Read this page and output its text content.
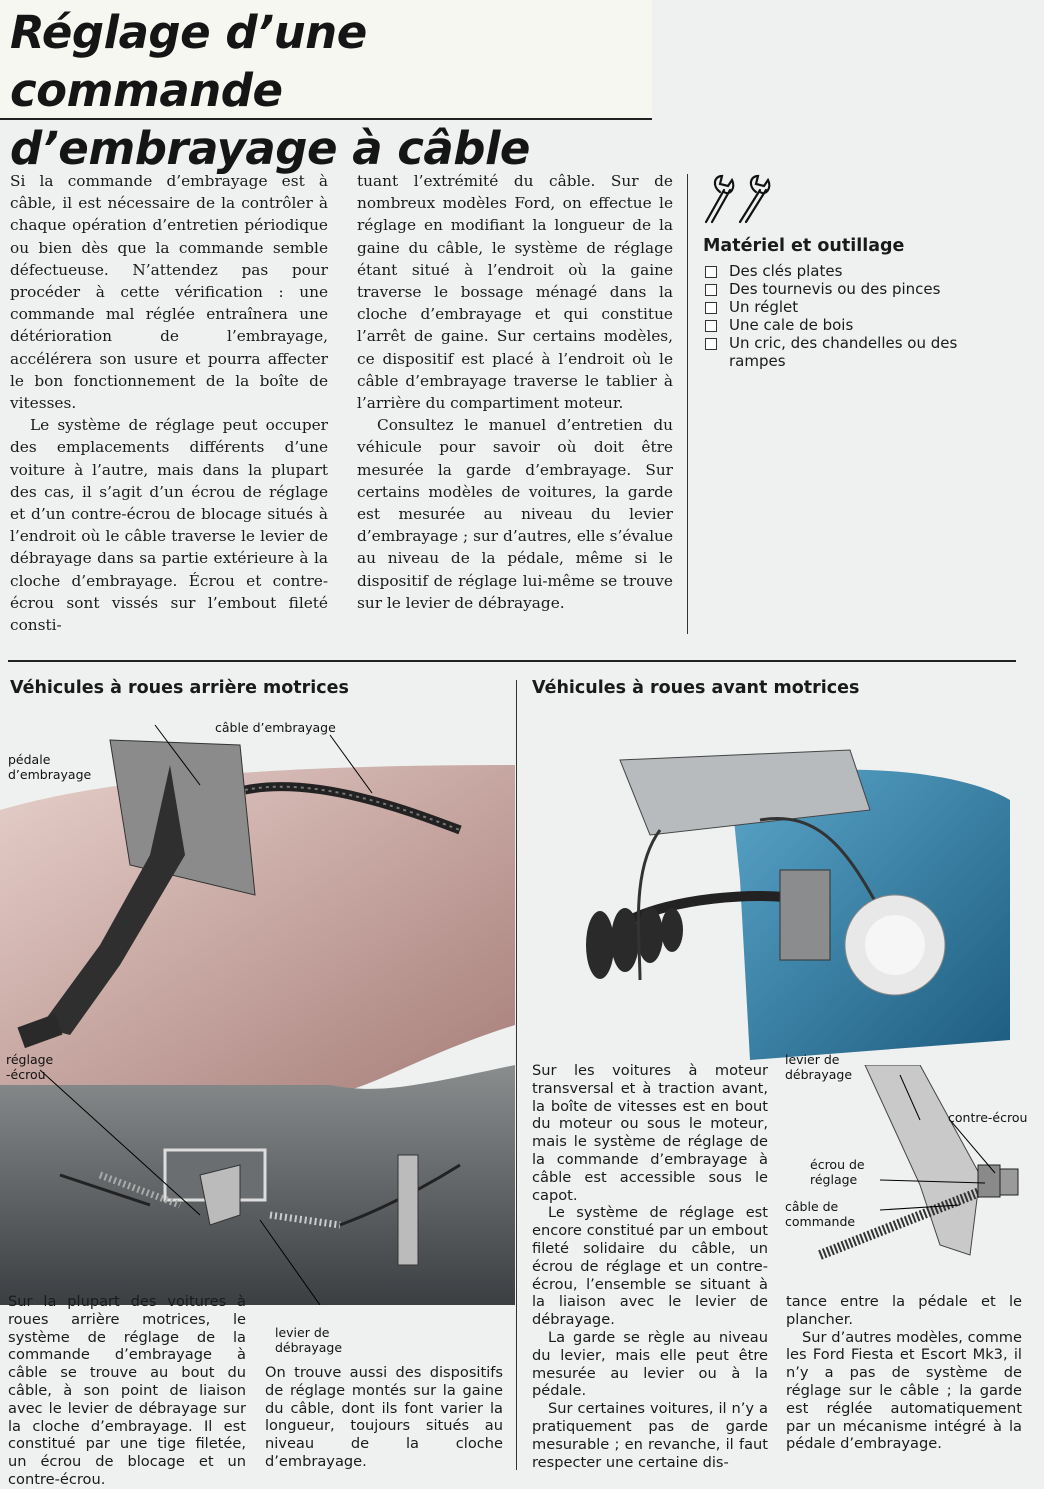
Réglage d’une commande
d’embrayage à câble

Si la commande d’embrayage est à câble, il est nécessaire de la contrôler à chaque opération d’entretien périodique ou bien dès que la commande semble défectueuse. N’attendez pas pour procéder à cette vérification : une commande mal réglée entraînera une détérioration de l’embrayage, accélérera son usure et pourra affecter le bon fonctionnement de la boîte de vitesses.

Le système de réglage peut occuper des emplacements différents d’une voiture à l’autre, mais dans la plupart des cas, il s’agit d’un écrou de réglage et d’un contre-écrou de blocage situés à l’endroit où le câble traverse le levier de débrayage dans sa partie extérieure à la cloche d’embrayage. Écrou et contre-écrou sont vissés sur l’embout fileté consti-

tuant l’extrémité du câble. Sur de nombreux modèles Ford, on effectue le réglage en modifiant la longueur de la gaine du câble, le système de réglage étant situé à l’endroit où la gaine traverse le bossage ménagé dans la cloche d’embrayage et qui constitue l’arrêt de gaine. Sur certains modèles, ce dispositif est placé à l’endroit où le câble d’embrayage traverse le tablier à l’arrière du compartiment moteur.

Consultez le manuel d’entretien du véhicule pour savoir où doit être mesurée la garde d’embrayage. Sur certains modèles de voitures, la garde est mesurée au niveau du levier d’embrayage ; sur d’autres, elle s’évalue au niveau de la pédale, même si le dispositif de réglage lui-même se trouve sur le levier de débrayage.

Matériel et outillage
Des clés plates
Des tournevis ou des pinces
Un réglet
Une cale de bois
Un cric, des chandelles ou des rampes
Véhicules à roues arrière motrices
câble d’embrayage
pédale
d’embrayage
réglage
-écrou
levier de
débrayage

Sur la plupart des voitures à roues arrière motrices, le système de réglage de la commande d’embrayage à câble se trouve au bout du câble, à son point de liaison avec le levier de débrayage sur la cloche d’embrayage. Il est constitué par une tige filetée, un écrou de blocage et un contre-écrou.

On trouve aussi des dispositifs de réglage montés sur la gaine du câble, dont ils font varier la longueur, toujours situés au niveau de la cloche d’embrayage.

Véhicules à roues avant motrices
levier de
débrayage
contre-écrou
écrou de
réglage
câble de
commande

Sur les voitures à moteur transversal et à traction avant, la boîte de vitesses est en bout du moteur ou sous le moteur, mais le système de réglage de la commande d’embrayage à câble est accessible sous le capot.

Le système de réglage est encore constitué par un embout fileté solidaire du câble, un écrou de réglage et un contre-écrou, l’ensemble se situant à la liaison avec le levier de débrayage.

La garde se règle au niveau du levier, mais elle peut être mesurée au levier ou à la pédale.

Sur certaines voitures, il n’y a pratiquement pas de garde mesurable ; en revanche, il faut respecter une certaine dis-

tance entre la pédale et le plancher.

Sur d’autres modèles, comme les Ford Fiesta et Escort Mk3, il n’y a pas de système de réglage sur le câble ; la garde est réglée automatiquement par un mécanisme intégré à la pédale d’embrayage.
